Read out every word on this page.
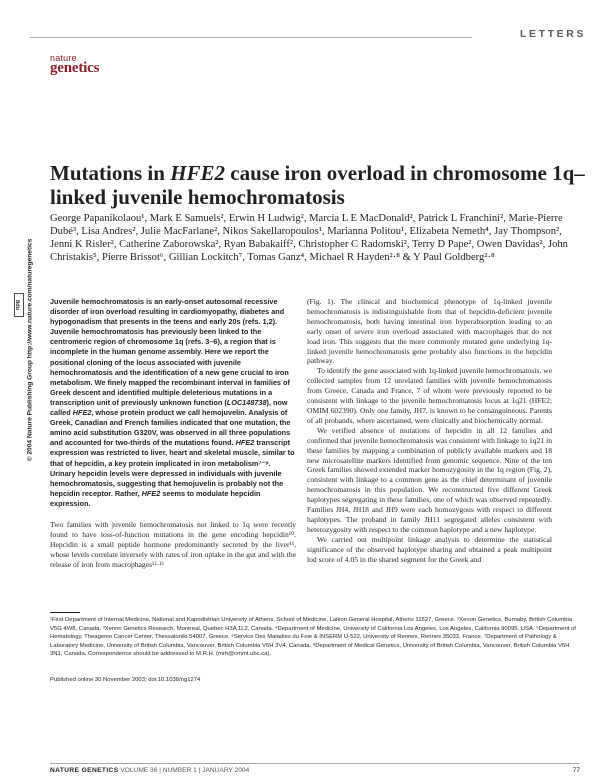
LETTERS
nature
genetics
npg © 2004 Nature Publishing Group http://www.nature.com/naturegenetics
Mutations in HFE2 cause iron overload in chromosome 1q–linked juvenile hemochromatosis
George Papanikolaou¹, Mark E Samuels², Erwin H Ludwig², Marcia L E MacDonald², Patrick L Franchini², Marie-Pierre Dubé³, Lisa Andres², Julie MacFarlane², Nikos Sakellaropoulos¹, Marianna Politou¹, Elizabeta Nemeth⁴, Jay Thompson², Jenni K Risler², Catherine Zaborowska², Ryan Babakaiff², Christopher C Radomski², Terry D Pape², Owen Davidas², John Christakis⁵, Pierre Brissot⁶, Gillian Lockitch⁷, Tomas Ganz⁴, Michael R Hayden²·⁸ & Y Paul Goldberg²·⁸
Juvenile hemochromatosis is an early-onset autosomal recessive disorder of iron overload resulting in cardiomyopathy, diabetes and hypogonadism that presents in the teens and early 20s (refs. 1,2). Juvenile hemochromatosis has previously been linked to the centromeric region of chromosome 1q (refs. 3–6), a region that is incomplete in the human genome assembly. Here we report the positional cloning of the locus associated with juvenile hemochromatosis and the identification of a new gene crucial to iron metabolism. We finely mapped the recombinant interval in families of Greek descent and identified multiple deleterious mutations in a transcription unit of previously unknown function (LOC148738), now called HFE2, whose protein product we call hemojuvelin. Analysis of Greek, Canadian and French families indicated that one mutation, the amino acid substitution G320V, was observed in all three populations and accounted for two-thirds of the mutations found. HFE2 transcript expression was restricted to liver, heart and skeletal muscle, similar to that of hepcidin, a key protein implicated in iron metabolism⁷⁻⁹. Urinary hepcidin levels were depressed in individuals with juvenile hemochromatosis, suggesting that hemojuvelin is probably not the hepcidin receptor. Rather, HFE2 seems to modulate hepcidin expression.

Two families with juvenile hemochromatosis not linked to 1q were recently found to have loss-of-function mutations in the gene encoding hepcidin¹⁰. Hepcidin is a small peptide hormone predominantly secreted by the liver¹¹, whose levels correlate inversely with rates of iron uptake in the gut and with the release of iron from macrophages¹²·¹³

(Fig. 1). The clinical and biochemical phenotype of 1q-linked juvenile hemochromatosis is indistinguishable from that of hepcidin-deficient juvenile hemochromatosis, both having intestinal iron hyperabsorption leading to an early onset of severe iron overload associated with macrophages that do not load iron. This suggests that the more commonly mutated gene underlying 1q-linked juvenile hemochromatosis gene probably also functions in the hepcidin pathway.

To identify the gene associated with 1q-linked juvenile hemochromatosis, we collected samples from 12 unrelated families with juvenile hemochromatosis from Greece, Canada and France, 7 of whom were previously reported to be consistent with linkage to the juvenile hemochromatosis locus at 1q21 (HFE2; OMIM 602390). Only one family, JH7, is known to be consanguineous. Parents of all probands, where ascertained, were clinically and biochemically normal.

We verified absence of mutations of hepcidin in all 12 families and confirmed that juvenile hemochromatosis was consistent with linkage to 1q21 in these families by mapping a combination of publicly available markers and 18 new microsatellite markers identified from genomic sequence. Nine of the ten Greek families showed extended marker homozygosity in the 1q region (Fig. 2), consistent with linkage to a common gene as the chief determinant of juvenile hemochromatosis in this population. We reconstructed five different Greek haplotypes segregating in these families, one of which was observed repeatedly. Families JH4, JH18 and JH9 were each homozygous with respect to different haplotypes. The proband in family JH11 segregated alleles consistent with heterozygosity with respect to the common haplotype and a new haplotype.

We carried out multipoint linkage analysis to determine the statistical significance of the observed haplotype sharing and obtained a peak multipoint lod score of 4.05 in the shared segment for the Greek and

¹First Department of Internal Medicine, National and Kapodistrian University of Athens, School of Medicine, Laikon General Hospital, Athens 11527, Greece. ²Xenon Genetics, Burnaby, British Columbia V5G 4W8, Canada. ³Xenon Genetics Research, Montreal, Quebec H3A 1L2, Canada. ⁴Department of Medicine, University of California Los Angeles, Los Angeles, California 90095, USA. ⁵Department of Hematology, Theagenio Cancer Center, Thessaloniki 54007, Greece. ⁶Service Des Maladies du Foie & INSERM U-522, University of Rennes, Rennes 35033, France. ⁷Department of Pathology & Laboratory Medicine, University of British Columbia, Vancouver, British Columbia V6H 3V4, Canada. ⁸Department of Medical Genetics, University of British Columbia, Vancouver, British Columbia V6H 3N1, Canada. Correspondence should be addressed to M.R.H. (mrh@cmmt.ubc.ca).
Published online 30 November 2003; doi:10.1038/ng1274
NATURE GENETICS VOLUME 36 | NUMBER 1 | JANUARY 2004	77
